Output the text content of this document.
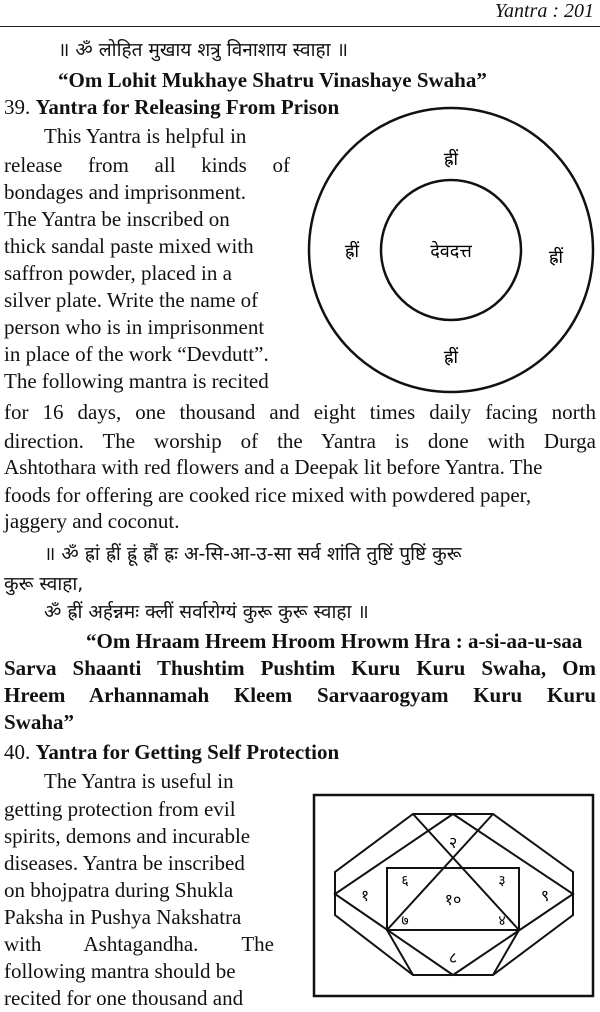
Yantra : 201
॥ ॐ लोहित मुखाय शत्रु विनाशाय स्वाहा ॥
“Om Lohit Mukhaye Shatru Vinashaye Swaha”
39. Yantra for Releasing From Prison
This Yantra is helpful in
release from all kinds of
bondages and imprisonment.
The Yantra be inscribed on
thick sandal paste mixed with
saffron powder, placed in a
silver plate. Write the name of
person who is in imprisonment
in place of the work “Devdutt”.
The following mantra is recited
for 16 days, one thousand and eight times daily facing north
direction. The worship of the Yantra is done with Durga
Ashtothara with red flowers and a Deepak lit before Yantra. The
foods for offering are cooked rice mixed with powdered paper,
jaggery and coconut.
देवदत्त
ह्रीं
ह्रीं
ह्रीं	ह्रीं
॥ ॐ ह्रां ह्रीं ह्रूं ह्रौं ह्रः अ-सि-आ-उ-सा सर्व शांति तुष्टिं पुष्टिं कुरू
कुरू स्वाहा,
ॐ ह्रीं अर्हन्नमः क्लीं सर्वारोग्यं कुरू कुरू स्वाहा ॥
“Om Hraam Hreem Hroom Hrowm Hra : a-si-aa-u-saa
Sarva Shaanti Thushtim Pushtim Kuru Kuru Swaha, Om
Hreem Arhannamah Kleem Sarvaarogyam Kuru Kuru
Swaha”
40. Yantra for Getting Self Protection
The Yantra is useful in
getting protection from evil
spirits, demons and incurable
diseases. Yantra be inscribed
on bhojpatra during Shukla
Paksha in Pushya Nakshatra
with Ashtagandha. The
following mantra should be
recited for one thousand and
२
१	९
८
१०
६	३
७	४
